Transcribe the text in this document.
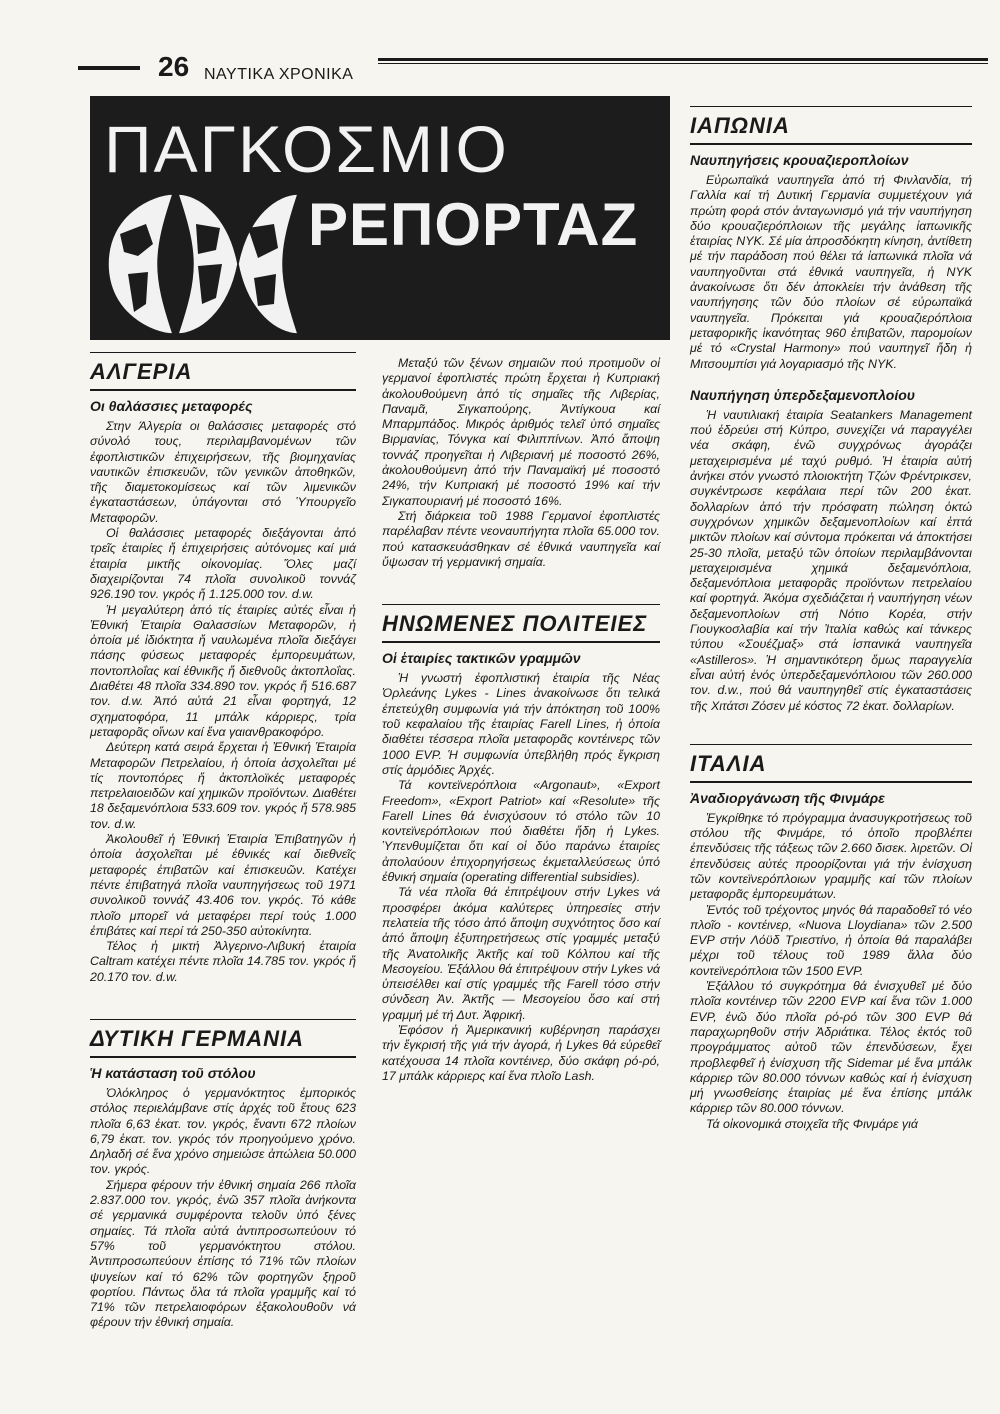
26 ΝΑΥΤΙΚΑ ΧΡΟΝΙΚΑ
ΠΑΓΚΟΣΜΙΟ
ΡΕΠΟΡΤΑΖ
ΑΛΓΕΡΙΑ
Οι θαλάσσιες μεταφορές

Στην Άλγερία οι θαλάσσιες μεταφορές στό σύνολό τους, περιλαμβανομένων τῶν ἐφοπλιστικῶν ἐπιχειρήσεων, τῆς βιομηχανίας ναυτικῶν ἐπισκευῶν, τῶν γενικῶν ἀποθηκῶν, τῆς διαμετοκομίσεως καί τῶν λιμενικῶν ἐγκαταστάσεων, ὑπάγονται στό Ὑπουργεῖο Μεταφορῶν.

Οἱ θαλάσσιες μεταφορές διεξάγονται ἀπό τρεῖς ἑταιρίες ἤ ἐπιχειρήσεις αὐτόνομες καί μιά ἑταιρία μικτῆς οἰκονομίας. Ὅλες μαζί διαχειρίζονται 74 πλοῖα συνολικοῦ τοννάζ 926.190 τον. γκρός ἤ 1.125.000 τον. d.w.

Ἡ μεγαλύτερη ἀπό τίς ἑταιρίες αὐτές εἶναι ἡ Ἐθνική Ἑταιρία Θαλασσίων Μεταφορῶν, ἡ ὁποία μέ ἰδιόκτητα ἤ ναυλωμένα πλοῖα διεξάγει πάσης φύσεως μεταφορές ἐμπορευμάτων, ποντοπλοΐας καί ἐθνικῆς ἤ διεθνοῦς ἀκτοπλοΐας. Διαθέτει 48 πλοῖα 334.890 τον. γκρός ἤ 516.687 τον. d.w. Ἀπό αὐτά 21 εἶναι φορτηγά, 12 σχηματοφόρα, 11 μπάλκ κάρριερς, τρία μεταφορᾶς οἴνων καί ἕνα γαιανθρακοφόρο.

Δεύτερη κατά σειρά ἔρχεται ἡ Ἐθνική Ἑταιρία Μεταφορῶν Πετρελαίου, ἡ ὁποία ἀσχολεῖται μέ τίς ποντοπόρες ἤ ἀκτοπλοϊκές μεταφορές πετρελαιοειδῶν καί χημικῶν προϊόντων. Διαθέτει 18 δεξαμενόπλοια 533.609 τον. γκρός ἤ 578.985 τον. d.w.

Ἀκολουθεῖ ἡ Ἐθνική Ἑταιρία Ἐπιβατηγῶν ἡ ὁποία ἀσχολεῖται μέ ἐθνικές καί διεθνεῖς μεταφορές ἐπιβατῶν καί ἐπισκευῶν. Κατέχει πέντε ἐπιβατηγά πλοῖα ναυπηγήσεως τοῦ 1971 συνολικοῦ τοννάζ 43.406 τον. γκρός. Τό κάθε πλοῖο μπορεῖ νά μεταφέρει περί τούς 1.000 ἐπιβάτες καί περί τά 250-350 αὐτοκίνητα.

Τέλος ἡ μικτή Ἀλγερινο-Λιβυκή ἑταιρία Caltram κατέχει πέντε πλοῖα 14.785 τον. γκρός ἤ 20.170 τον. d.w.

ΔΥΤΙΚΗ ΓΕΡΜΑΝΙΑ
Ἡ κατάσταση τοῦ στόλου

Ὁλόκληρος ὁ γερμανόκτητος ἐμπορικός στόλος περιελάμβανε στίς ἀρχές τοῦ ἔτους 623 πλοῖα 6,63 ἑκατ. τον. γκρός, ἔναντι 672 πλοίων 6,79 ἑκατ. τον. γκρός τόν προηγούμενο χρόνο. Δηλαδή σέ ἕνα χρόνο σημειώσε ἀπώλεια 50.000 τον. γκρός.

Σήμερα φέρουν τήν ἐθνική σημαία 266 πλοῖα 2.837.000 τον. γκρός, ἐνῶ 357 πλοῖα ἀνήκοντα σέ γερμανικά συμφέροντα τελοῦν ὑπό ξένες σημαίες. Τά πλοῖα αὐτά ἀντιπροσωπεύουν τό 57% τοῦ γερμανόκτητου στόλου. Ἀντιπροσωπεύουν ἐπίσης τό 71% τῶν πλοίων ψυγείων καί τό 62% τῶν φορτηγῶν ξηροῦ φορτίου. Πάντως ὅλα τά πλοῖα γραμμῆς καί τό 71% τῶν πετρελαιοφόρων ἐξακολουθοῦν νά φέρουν τήν ἐθνική σημαία.

Μεταξύ τῶν ξένων σημαιῶν πού προτιμοῦν οἱ γερμανοί ἐφοπλιστές πρώτη ἔρχεται ἡ Κυπριακή ἀκολουθούμενη ἀπό τίς σημαῖες τῆς Λιβερίας, Παναμᾶ, Σιγκαπούρης, Ἀντίγκουα καί Μπαρμπάδος. Μικρός ἀριθμός τελεῖ ὑπό σημαῖες Βιρμανίας, Τόνγκα καί Φιλιππίνων. Ἀπό ἄποψη τοννάζ προηγεῖται ἡ Λιβεριανή μέ ποσοστό 26%, ἀκολουθούμενη ἀπό τήν Παναμαϊκή μέ ποσοστό 24%, τήν Κυπριακή μέ ποσοστό 19% καί τήν Σιγκαπουριανή μέ ποσοστό 16%.

Στή διάρκεια τοῦ 1988 Γερμανοί ἐφοπλιστές παρέλαβαν πέντε νεοναυπήγητα πλοῖα 65.000 τον. πού κατασκευάσθηκαν σέ ἐθνικά ναυπηγεῖα καί ὕψωσαν τή γερμανική σημαία.

ΗΝΩΜΕΝΕΣ ΠΟΛΙΤΕΙΕΣ
Οἱ ἑταιρίες τακτικῶν γραμμῶν

Ἡ γνωστή ἐφοπλιστική ἑταιρία τῆς Νέας Ὀρλεάνης Lykes - Lines ἀνακοίνωσε ὅτι τελικά ἐπετεύχθη συμφωνία γιά τήν ἀπόκτηση τοῦ 100% τοῦ κεφαλαίου τῆς ἑταιρίας Farell Lines, ἡ ὁποία διαθέτει τέσσερα πλοῖα μεταφορᾶς κοντέινερς τῶν 1000 EVP. Ἡ συμφωνία ὑπεβλήθη πρός ἔγκριση στίς ἁρμόδιες Ἀρχές.

Τά κοντεϊνερόπλοια «Argonaut», «Export Freedom», «Export Patriot» καί «Resolute» τῆς Farell Lines θά ἐνισχύσουν τό στόλο τῶν 10 κοντεϊνερόπλοιων πού διαθέτει ἤδη ἡ Lykes. Ὑπενθυμίζεται ὅτι καί οἱ δύο παράνω ἑταιρίες ἀπολαύουν ἐπιχορηγήσεως ἐκμεταλλεύσεως ὑπό ἐθνική σημαία (operating differential subsidies).

Τά νέα πλοῖα θά ἐπιτρέψουν στήν Lykes νά προσφέρει ἀκόμα καλύτερες ὑπηρεσίες στήν πελατεία τῆς τόσο ἀπό ἄποψη συχνότητος ὅσο καί ἀπό ἄποψη ἐξυπηρετήσεως στίς γραμμές μεταξύ τῆς Ἀνατολικῆς Ἀκτῆς καί τοῦ Κόλπου καί τῆς Μεσογείου. Ἐξάλλου θά ἐπιτρέψουν στήν Lykes νά ὑπεισέλθει καί στίς γραμμές τῆς Farell τόσο στήν σύνδεση Ἀν. Ἀκτῆς — Μεσογείου ὅσο καί στή γραμμή μέ τή Δυτ. Ἀφρική.

Ἐφόσον ἡ Ἀμερικανική κυβέρνηση παράσχει τήν ἔγκρισή τῆς γιά τήν ἀγορά, ἡ Lykes θά εὑρεθεῖ κατέχουσα 14 πλοῖα κοντέινερ, δύο σκάφη ρό-ρό, 17 μπάλκ κάρριερς καί ἕνα πλοῖο Lash.

ΙΑΠΩΝΙΑ
Ναυπηγήσεις κρουαζιερoπλοίων

Εὐρωπαϊκά ναυπηγεῖα ἀπό τή Φινλανδία, τή Γαλλία καί τή Δυτική Γερμανία συμμετέχουν γιά πρώτη φορά στόν ἀνταγωνισμό γιά τήν ναυπήγηση δύο κρουαζιερόπλοιων τῆς μεγάλης ἰαπωνικῆς ἑταιρίας NYK. Σέ μία ἀπροσδόκητη κίνηση, ἀντίθετη μέ τήν παράδοση πού θέλει τά ἰαπωνικά πλοῖα νά ναυπηγοῦνται στά ἐθνικά ναυπηγεῖα, ἡ NYK ἀνακοίνωσε ὅτι δέν ἀποκλείει τήν ἀνάθεση τῆς ναυπήγησης τῶν δύο πλοίων σέ εὐρωπαϊκά ναυπηγεῖα. Πρόκειται γιά κρουαζιερόπλοια μεταφορικῆς ἱκανότητας 960 ἐπιβατῶν, παρομοίων μέ τό «Crystal Harmony» πού ναυπηγεῖ ἤδη ἡ Μιτσουμπίσι γιά λογαριασμό τῆς NYK.

Ναυπήγηση ὑπερδεξαμενοπλοίου

Ἡ ναυτιλιακή ἑταιρία Seatankers Management πού ἑδρεύει στή Κύπρο, συνεχίζει νά παραγγέλει νέα σκάφη, ἐνῶ συγχρόνως ἀγοράζει μεταχειρισμένα μέ ταχύ ρυθμό. Ἡ ἑταιρία αὐτή ἀνήκει στόν γνωστό πλοιοκτήτη Τζών Φρέντρικσεν, συγκέντρωσε κεφάλαια περί τῶν 200 ἑκατ. δολλαρίων ἀπό τήν πρόσφατη πώληση ὀκτώ συγχρόνων χημικῶν δεξαμενοπλοίων καί ἑπτά μικτῶν πλοίων καί σύντομα πρόκειται νά ἀποκτήσει 25-30 πλοῖα, μεταξύ τῶν ὁποίων περιλαμβάνονται μεταχειρισμένα χημικά δεξαμενόπλοια, δεξαμενόπλοια μεταφορᾶς προϊόντων πετρελαίου καί φορτηγά. Ἀκόμα σχεδιάζεται ἡ ναυπήγηση νέων δεξαμενοπλοίων στή Νότιο Κορέα, στήν Γιουγκοσλαβία καί τήν Ἰταλία καθώς καί τάνκερς τύπου «Σουέζμαξ» στά ἱσπανικά ναυπηγεῖα «Astilleros». Ἡ σημαντικότερη ὅμως παραγγελία εἶναι αὐτή ἑνός ὑπερδεξαμενόπλοιου τῶν 260.000 τον. d.w., πού θά ναυπηγηθεῖ στίς ἐγκαταστάσεις τῆς Χιτάτσι Ζόσεν μέ κόστος 72 ἑκατ. δολλαρίων.

ΙΤΑΛΙΑ
Ἀναδιοργάνωση τῆς Φινμάρε

Ἐγκρίθηκε τό πρόγραμμα ἀνασυγκροτήσεως τοῦ στόλου τῆς Φινμάρε, τό ὁποῖο προβλέπει ἐπενδύσεις τῆς τάξεως τῶν 2.660 δισεκ. λιρετῶν. Οἱ ἐπενδύσεις αὐτές προορίζονται γιά τήν ἐνίσχυση τῶν κοντεϊνερόπλοιων γραμμῆς καί τῶν πλοίων μεταφορᾶς ἐμπορευμάτων.

Ἐντός τοῦ τρέχοντος μηνός θά παραδοθεῖ τό νέο πλοῖο - κοντέινερ, «Nuova Lloydiana» τῶν 2.500 EVP στήν Λόϋδ Τριεστίνο, ἡ ὁποία θά παραλάβει μέχρι τοῦ τέλους τοῦ 1989 ἄλλα δύο κοντεϊνερόπλοια τῶν 1500 EVP.

Ἐξάλλου τό συγκρότημα θά ἐνισχυθεῖ μέ δύο πλοῖα κοντέινερ τῶν 2200 EVP καί ἕνα τῶν 1.000 EVP, ἐνῶ δύο πλοῖα ρό-ρό τῶν 300 EVP θά παραχωρηθοῦν στήν Ἀδριάτικα. Τέλος ἐκτός τοῦ προγράμματος αὐτοῦ τῶν ἐπενδύσεων, ἔχει προβλεφθεῖ ἡ ἐνίσχυση τῆς Sidemar μέ ἕνα μπάλκ κάρριερ τῶν 80.000 τόννων καθώς καί ἡ ἐνίσχυση μή γνωσθείσης ἑταιρίας μέ ἕνα ἐπίσης μπάλκ κάρριερ τῶν 80.000 τόννων.

Τά οἰκονομικά στοιχεῖα τῆς Φινμάρε γιά
